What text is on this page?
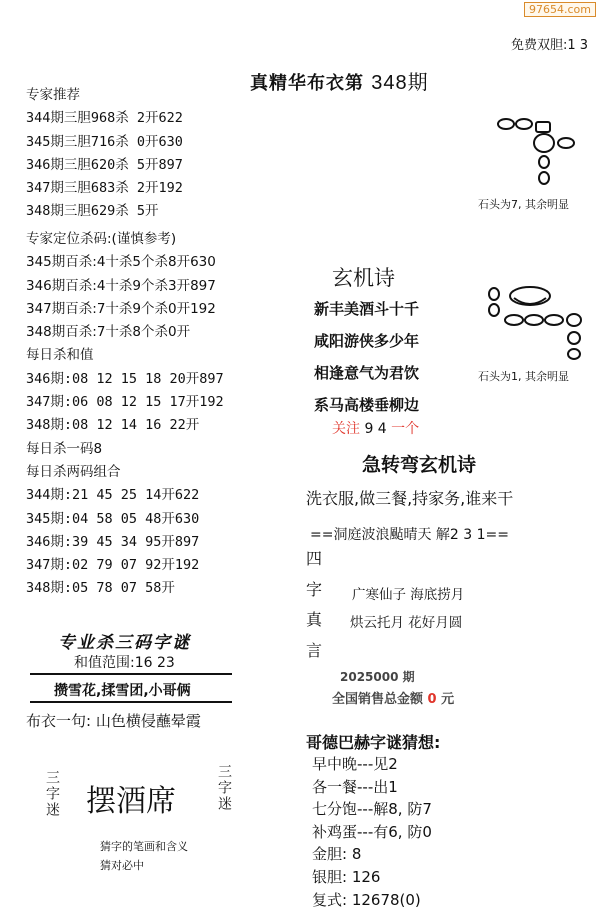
97654.com
免费双胆:1 3
真精华布衣第 348期
专家推荐
344期三胆968杀 2开622
345期三胆716杀 0开630
346期三胆620杀 5开897
347期三胆683杀 2开192
348期三胆629杀 5开
专家定位杀码:(谨慎参考)
345期百杀:4十杀5个杀8开630
346期百杀:4十杀9个杀3开897
347期百杀:7十杀9个杀0开192
348期百杀:7十杀8个杀0开
每日杀和值
346期:08 12 15 18 20开897
347期:06 08 12 15 17开192
348期:08 12 14 16 22开
每日杀一码8
每日杀两码组合
344期:21 45 25 14开622
345期:04 58 05 48开630
346期:39 45 34 95开897
347期:02 79 07 92开192
348期:05 78 07 58开
专业杀三码字谜
和值范围:16 23
攒雪花,揉雪团,小哥俩
布衣一句: 山色横侵蘸晕霞
三字迷 摆酒席	三字迷
猜字的笔画和含义
猜对必中
石头为7, 其余明显
石头为1, 其余明显
玄机诗
新丰美酒斗十千
咸阳游侠多少年
相逢意气为君饮
系马高楼垂柳边
关注 9 4 一个
急转弯玄机诗
洗衣服,做三餐,持家务,谁来干
==洞庭波浪颭晴天 解2 3 1==
四
字
真
言
广寒仙子 海底捞月
烘云托月 花好月圆
2025000 期
全国销售总金额 0 元
哥德巴赫字谜猜想:
早中晚---见2
各一餐---出1
七分饱---解8, 防7
补鸡蛋---有6, 防0
金胆: 8
银胆: 126
复式: 12678(0)
